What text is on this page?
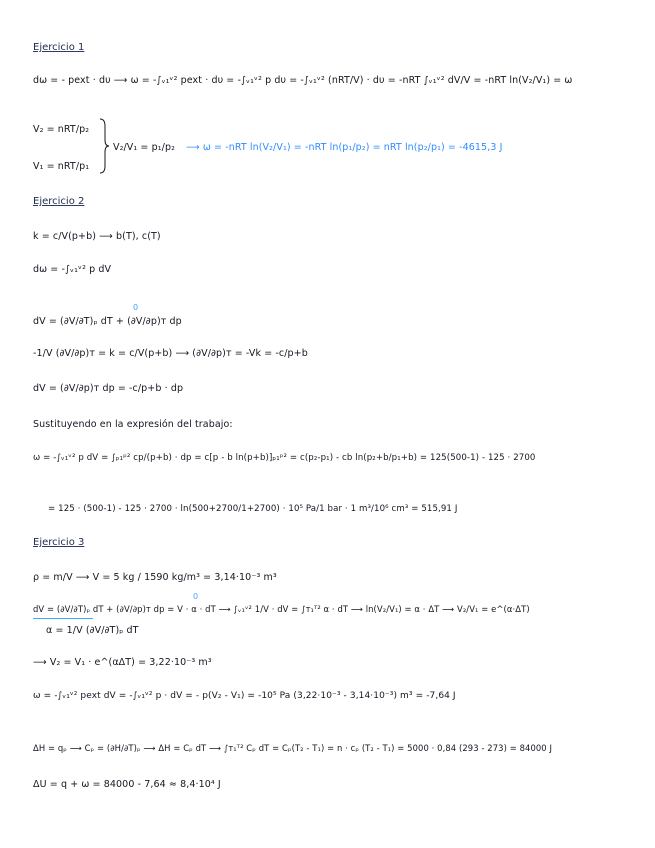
Ejercicio 1
dω = - pext · dυ ⟶ ω = -∫ᵥ₁ᵛ² pext · dυ = -∫ᵥ₁ᵛ² p dυ = -∫ᵥ₁ᵛ² (nRT/V) · dυ = -nRT ∫ᵥ₁ᵛ² dV/V = -nRT ln(V₂/V₁) = ω
V₂ = nRT/p₂
V₁ = nRT/p₁
V₂/V₁ = p₁/p₂ ⟶ ω = -nRT ln(V₂/V₁) = -nRT ln(p₁/p₂) = nRT ln(p₂/p₁) = -4615,3 J
Ejercicio 2
k = c/V(p+b) ⟶ b(T), c(T)
dω = -∫ᵥ₁ᵛ² p dV
dV = (∂V/∂T)ₚ dT + (∂V/∂p)ᴛ dp
0
-1/V (∂V/∂p)ᴛ = k = c/V(p+b) ⟶ (∂V/∂p)ᴛ = -Vk = -c/p+b
dV = (∂V/∂p)ᴛ dp = -c/p+b · dp
Sustituyendo en la expresión del trabajo:
ω = -∫ᵥ₁ᵛ² p dV = ∫ₚ₁ᵖ² cp/(p+b) · dp = c[p - b ln(p+b)]ₚ₁ᵖ² = c(p₂-p₁) - cb ln(p₂+b/p₁+b) = 125(500-1) - 125 · 2700
= 125 · (500-1) - 125 · 2700 · ln(500+2700/1+2700) · 10⁵ Pa/1 bar · 1 m³/10⁶ cm³ = 515,91 J
Ejercicio 3
ρ = m/V ⟶ V = 5 kg / 1590 kg/m³ = 3,14·10⁻³ m³
dV = (∂V/∂T)ₚ dT + (∂V/∂p)ᴛ dp = V · α · dT ⟶ ∫ᵥ₁ᵛ² 1/V · dV = ∫ᴛ₁ᵀ² α · dT ⟶ ln(V₂/V₁) = α · ΔT ⟶ V₂/V₁ = e^(α·ΔT)
0
α = 1/V (∂V/∂T)ₚ dT
⟶ V₂ = V₁ · e^(αΔT) = 3,22·10⁻³ m³
ω = -∫ᵥ₁ᵛ² pext dV = -∫ᵥ₁ᵛ² p · dV = - p(V₂ - V₁) = -10⁵ Pa (3,22·10⁻³ - 3,14·10⁻³) m³ = -7,64 J
ΔH = qₚ ⟶ Cₚ = (∂H/∂T)ₚ ⟶ ΔH = Cₚ dT ⟶ ∫ᴛ₁ᵀ² Cₚ dT = Cₚ(T₂ - T₁) = n · cₚ (T₂ - T₁) = 5000 · 0,84 (293 - 273) = 84000 J
ΔU = q + ω = 84000 - 7,64 ≈ 8,4·10⁴ J
